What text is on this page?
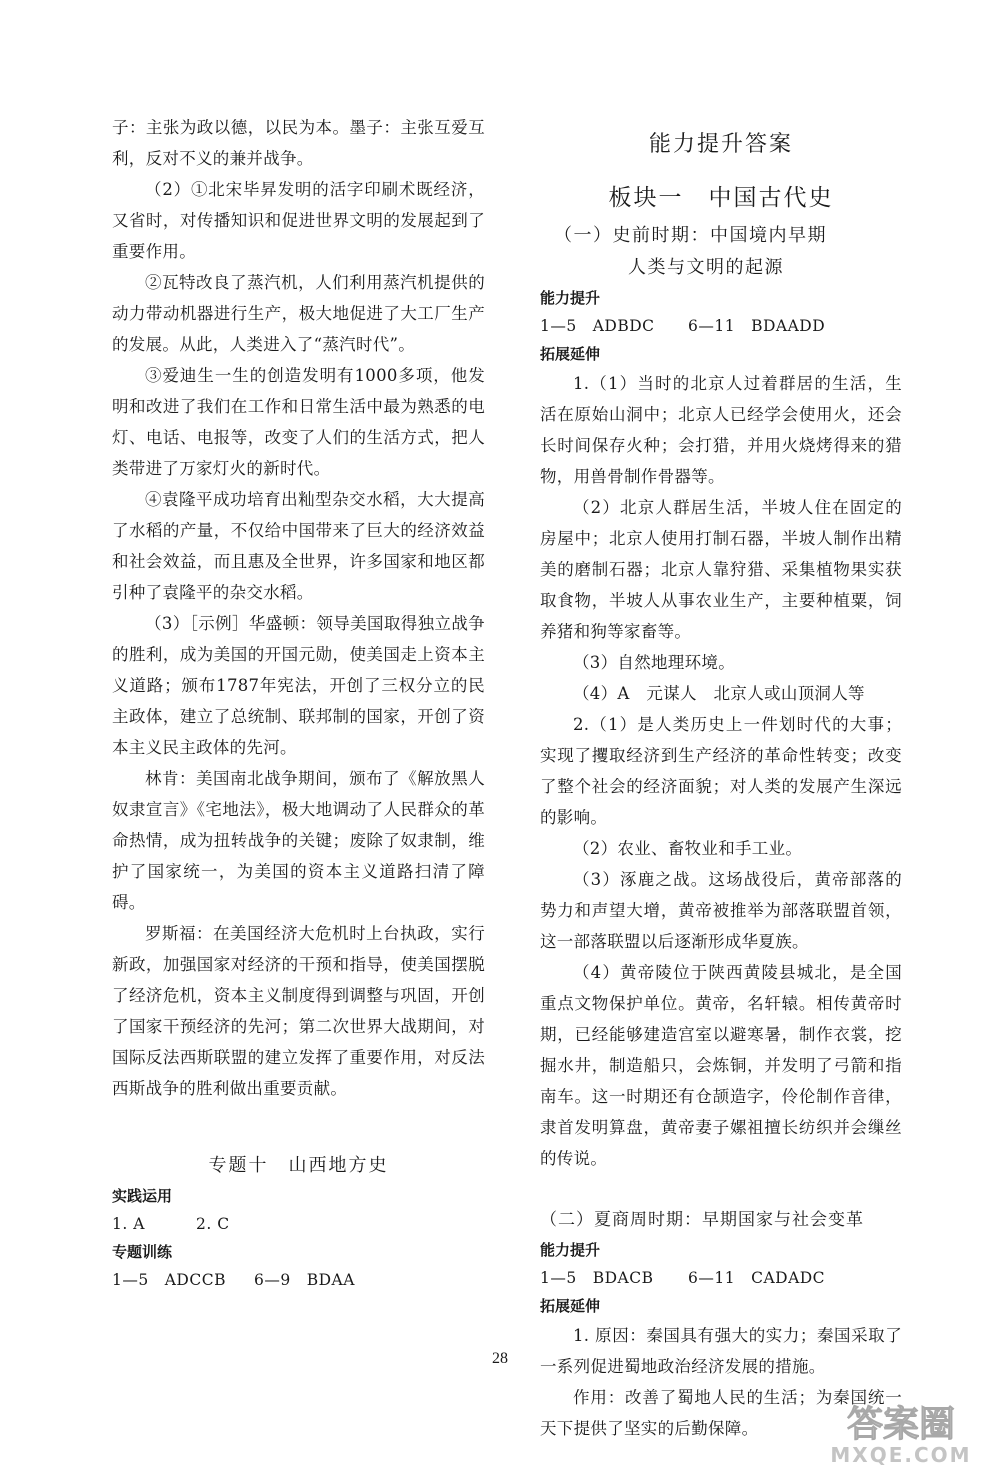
子：主张为政以德，以民为本。墨子：主张互爱互利，反对不义的兼并战争。

（2）①北宋毕昇发明的活字印刷术既经济，又省时，对传播知识和促进世界文明的发展起到了重要作用。

②瓦特改良了蒸汽机，人们利用蒸汽机提供的动力带动机器进行生产，极大地促进了大工厂生产的发展。从此，人类进入了“蒸汽时代”。

③爱迪生一生的创造发明有1000多项，他发明和改进了我们在工作和日常生活中最为熟悉的电灯、电话、电报等，改变了人们的生活方式，把人类带进了万家灯火的新时代。

④袁隆平成功培育出籼型杂交水稻，大大提高了水稻的产量，不仅给中国带来了巨大的经济效益和社会效益，而且惠及全世界，许多国家和地区都引种了袁隆平的杂交水稻。

（3）［示例］华盛顿：领导美国取得独立战争的胜利，成为美国的开国元勋，使美国走上资本主义道路；颁布1787年宪法，开创了三权分立的民主政体，建立了总统制、联邦制的国家，开创了资本主义民主政体的先河。

林肯：美国南北战争期间，颁布了《解放黑人奴隶宣言》《宅地法》，极大地调动了人民群众的革命热情，成为扭转战争的关键；废除了奴隶制，维护了国家统一，为美国的资本主义道路扫清了障碍。

罗斯福：在美国经济大危机时上台执政，实行新政，加强国家对经济的干预和指导，使美国摆脱了经济危机，资本主义制度得到调整与巩固，开创了国家干预经济的先河；第二次世界大战期间，对国际反法西斯联盟的建立发挥了重要作用，对反法西斯战争的胜利做出重要贡献。

专题十　山西地方史

实践运用

1. A	2. C

专题训练

1—5　ADCCB 6—9　BDAA

能力提升答案

板块一　中国古代史

（一）史前时期：中国境内早期

人类与文明的起源

能力提升

1—5　ADBDC 6—11　BDAADD

拓展延伸

1.（1）当时的北京人过着群居的生活，生活在原始山洞中；北京人已经学会使用火，还会长时间保存火种；会打猎，并用火烧烤得来的猎物，用兽骨制作骨器等。

（2）北京人群居生活，半坡人住在固定的房屋中；北京人使用打制石器，半坡人制作出精美的磨制石器；北京人靠狩猎、采集植物果实获取食物，半坡人从事农业生产，主要种植粟，饲养猪和狗等家畜等。

（3）自然地理环境。

（4）A　元谋人　北京人或山顶洞人等

2.（1）是人类历史上一件划时代的大事；实现了攫取经济到生产经济的革命性转变；改变了整个社会的经济面貌；对人类的发展产生深远的影响。

（2）农业、畜牧业和手工业。

（3）涿鹿之战。这场战役后，黄帝部落的势力和声望大增，黄帝被推举为部落联盟首领，这一部落联盟以后逐渐形成华夏族。

（4）黄帝陵位于陕西黄陵县城北，是全国重点文物保护单位。黄帝，名轩辕。相传黄帝时期，已经能够建造宫室以避寒暑，制作衣裳，挖掘水井，制造船只，会炼铜，并发明了弓箭和指南车。这一时期还有仓颉造字，伶伦制作音律，隶首发明算盘，黄帝妻子嫘祖擅长纺织并会缫丝的传说。

（二）夏商周时期：早期国家与社会变革

能力提升

1—5　BDACB 6—11　CADADC

拓展延伸

1. 原因：秦国具有强大的实力；秦国采取了一系列促进蜀地政治经济发展的措施。

作用：改善了蜀地人民的生活；为秦国统一天下提供了坚实的后勤保障。

28
答案圈
MXQE.COM
